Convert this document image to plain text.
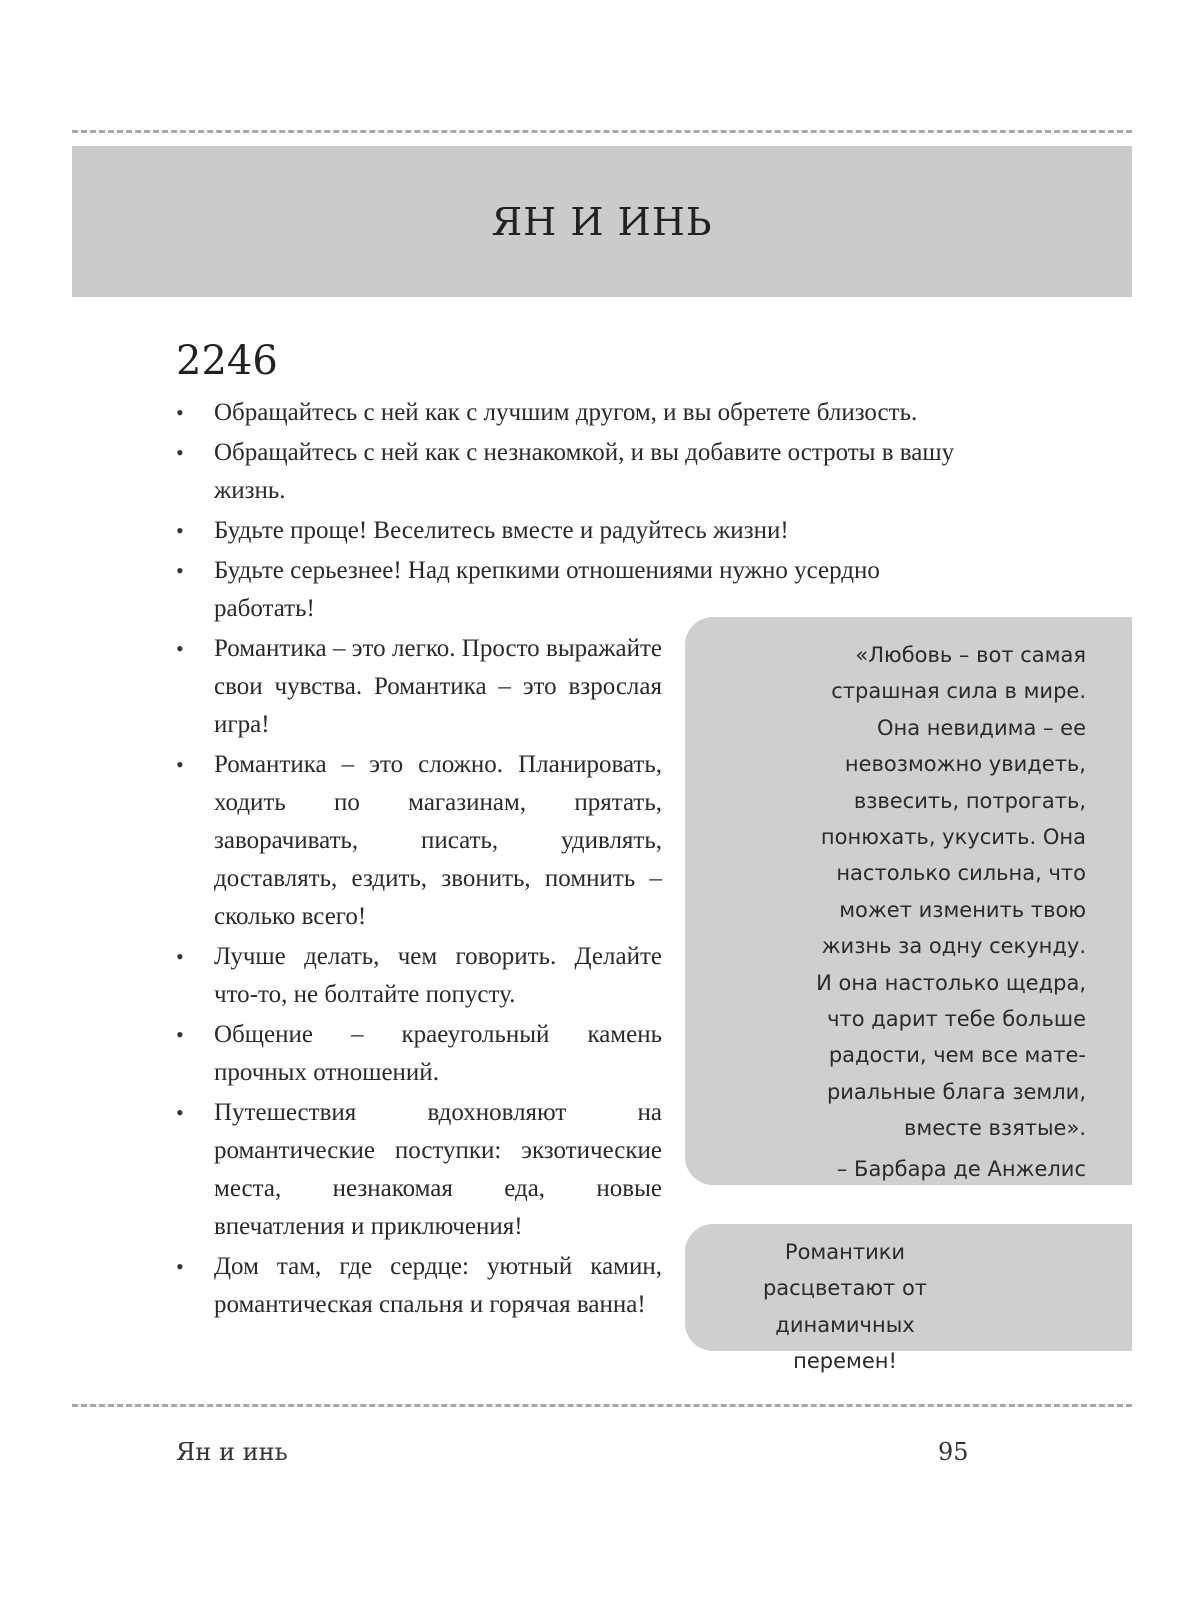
ЯН И ИНЬ
2246
• Обращайтесь с ней как с лучшим другом, и вы обретете близость.
• Обращайтесь с ней как с незнакомкой, и вы добавите остроты в вашу жизнь.
• Будьте проще! Веселитесь вместе и радуйтесь жизни!
• Будьте серьезнее! Над крепкими отношениями нужно усердно работать!
• Романтика – это легко. Просто выражайте свои чувства. Романтика – это взрослая игра!
• Романтика – это сложно. Планировать, ходить по магазинам, прятать, заворачивать, писать, удивлять, доставлять, ездить, звонить, помнить – сколько всего!
• Лучше делать, чем говорить. Делайте что-то, не болтайте попусту.
• Общение – краеугольный камень прочных отношений.
• Путешествия вдохновляют на романтические поступки: экзотические места, незнакомая еда, новые впечатления и приключения!
• Дом там, где сердце: уютный камин, романтическая спальня и горячая ванна!
«Любовь – вот самая
страшная сила в мире.
Она невидима – ее
невозможно увидеть,
взвесить, потрогать,
понюхать, укусить. Она
настолько сильна, что
может изменить твою
жизнь за одну секунду.
И она настолько щедра,
что дарит тебе больше
радости, чем все мате-
риальные блага земли,
вместе взятые».
– Барбара де Анжелис
Романтики
расцветают от
динамичных перемен!
Ян и инь	95
